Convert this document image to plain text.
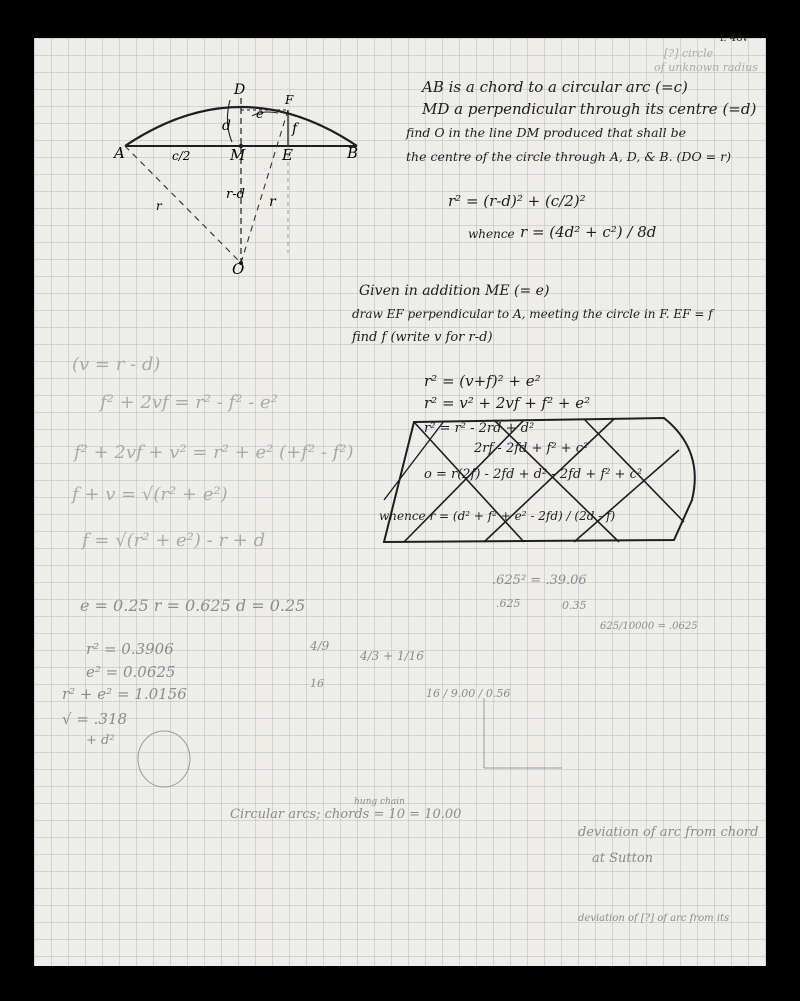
f. 48v
[?] circle
of unknown radius
A	B
D
F
M E
O
d
e
f
c/2
r	r
r-d
AB is a chord to a circular arc (=c)
MD a perpendicular through its centre (=d)
find O in the line DM produced that shall be
the centre of the circle through A, D, & B. (DO = r)
r² = (r-d)² + (c/2)²
whence r = (4d² + c²) / 8d
Given in addition ME (= e)
draw EF perpendicular to A, meeting the circle in F. EF = f
find f (write v for r-d)
r² = (v+f)² + e²
r² = v² + 2vf + f² + e²
r² = r² - 2rd + d²
2rf - 2fd + f² + c²
o = r(2f) - 2fd + d² - 2fd + f² + c²
whence r = (d² + f² + e² - 2fd) / (2d - f)
(v = r - d)
f² + 2vf = r² - f² - e²
f² + 2vf + v² = r² + e² (+f² - f²)
f + v = √(r² + e²)
f = √(r² + e²) - r + d
e = 0.25 r = 0.625 d = 0.25
r² = 0.3906
e² = 0.0625
r² + e² = 1.0156
√ = .318
+ d²
4/9
16
4/3 + 1/16
.625² = .39.06
.625	0.35
625/10000 = .0625
16 / 9.00 / 0.56
hung chain
Circular arcs; chords = 10 = 10.00
deviation of arc from chord
at Sutton
deviation of [?] of arc from its
